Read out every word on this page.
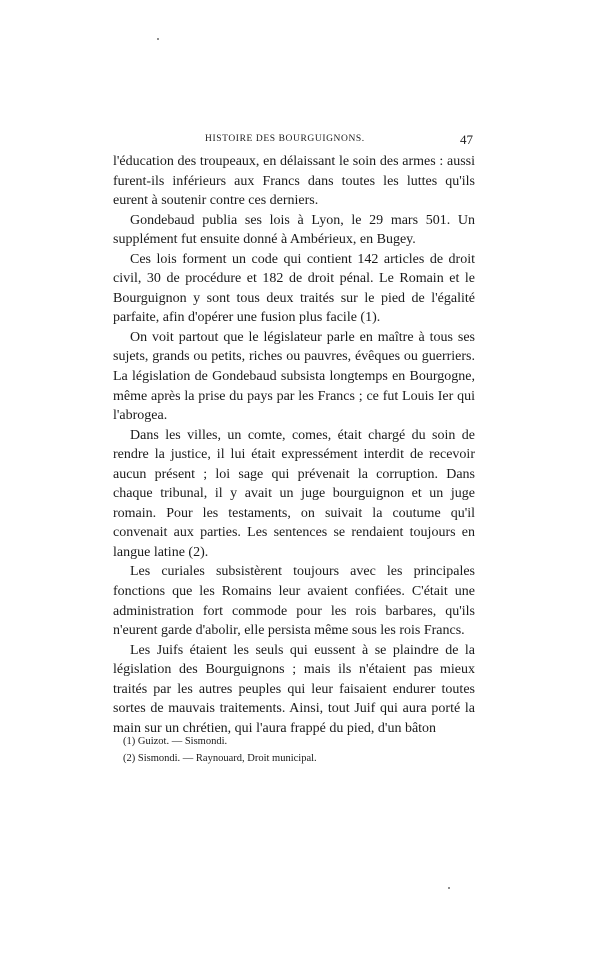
HISTOIRE DES BOURGUIGNONS.	47

l'éducation des troupeaux, en délaissant le soin des armes : aussi furent-ils inférieurs aux Francs dans toutes les luttes qu'ils eurent à soutenir contre ces derniers.

Gondebaud publia ses lois à Lyon, le 29 mars 501. Un supplément fut ensuite donné à Ambérieux, en Bugey.

Ces lois forment un code qui contient 142 articles de droit civil, 30 de procédure et 182 de droit pénal. Le Romain et le Bourguignon y sont tous deux traités sur le pied de l'égalité parfaite, afin d'opérer une fusion plus facile (1).

On voit partout que le législateur parle en maître à tous ses sujets, grands ou petits, riches ou pauvres, évêques ou guerriers. La législation de Gondebaud subsista longtemps en Bourgogne, même après la prise du pays par les Francs ; ce fut Louis Ier qui l'abrogea.

Dans les villes, un comte, comes, était chargé du soin de rendre la justice, il lui était expressément interdit de recevoir aucun présent ; loi sage qui prévenait la corruption. Dans chaque tribunal, il y avait un juge bourguignon et un juge romain. Pour les testaments, on suivait la coutume qu'il convenait aux parties. Les sentences se rendaient toujours en langue latine (2).

Les curiales subsistèrent toujours avec les principales fonctions que les Romains leur avaient confiées. C'était une administration fort commode pour les rois barbares, qu'ils n'eurent garde d'abolir, elle persista même sous les rois Francs.

Les Juifs étaient les seuls qui eussent à se plaindre de la législation des Bourguignons ; mais ils n'étaient pas mieux traités par les autres peuples qui leur faisaient endurer toutes sortes de mauvais traitements. Ainsi, tout Juif qui aura porté la main sur un chrétien, qui l'aura frappé du pied, d'un bâton

(1) Guizot. — Sismondi.
(2) Sismondi. — Raynouard, Droit municipal.
